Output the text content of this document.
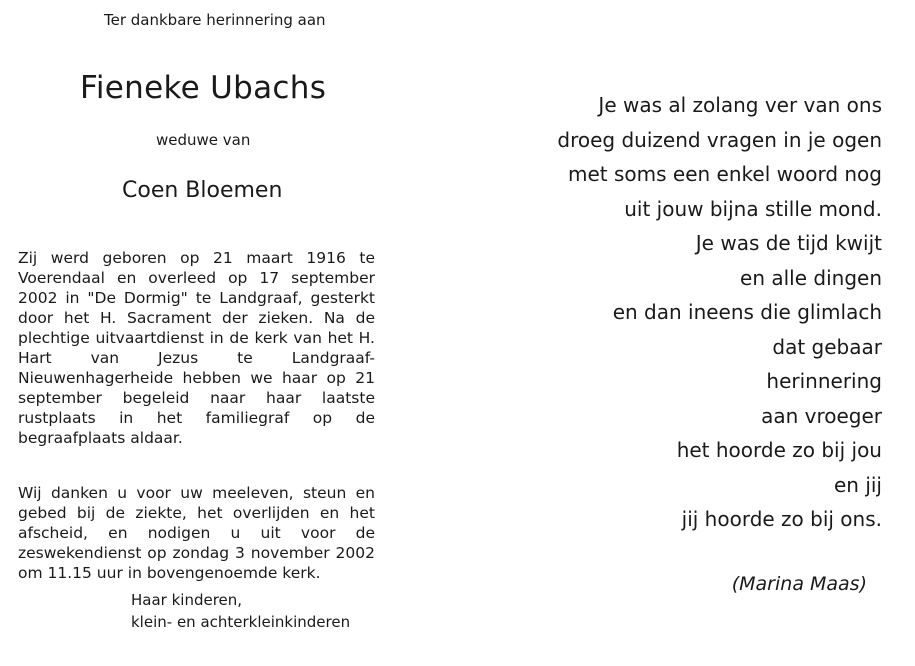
Ter dankbare herinnering aan
Fieneke Ubachs
weduwe van
Coen Bloemen
Zij werd geboren op 21 maart 1916 te Voerendaal en overleed op 17 september 2002 in "De Dormig" te Landgraaf, gesterkt door het H. Sacrament der zieken. Na de plechtige uitvaartdienst in de kerk van het H. Hart van Jezus te Landgraaf-Nieuwenhagerheide hebben we haar op 21 september begeleid naar haar laatste rustplaats in het familiegraf op de begraafplaats aldaar.
Wij danken u voor uw meeleven, steun en gebed bij de ziekte, het overlijden en het afscheid, en nodigen u uit voor de zeswekendienst op zondag 3 november 2002 om 11.15 uur in bovengenoemde kerk.
Haar kinderen,
klein- en achterkleinkinderen
Je was al zolang ver van ons
droeg duizend vragen in je ogen
met soms een enkel woord nog
uit jouw bijna stille mond.
Je was de tijd kwijt
en alle dingen
en dan ineens die glimlach
dat gebaar
herinnering
aan vroeger
het hoorde zo bij jou
en jij
jij hoorde zo bij ons.
(Marina Maas)
